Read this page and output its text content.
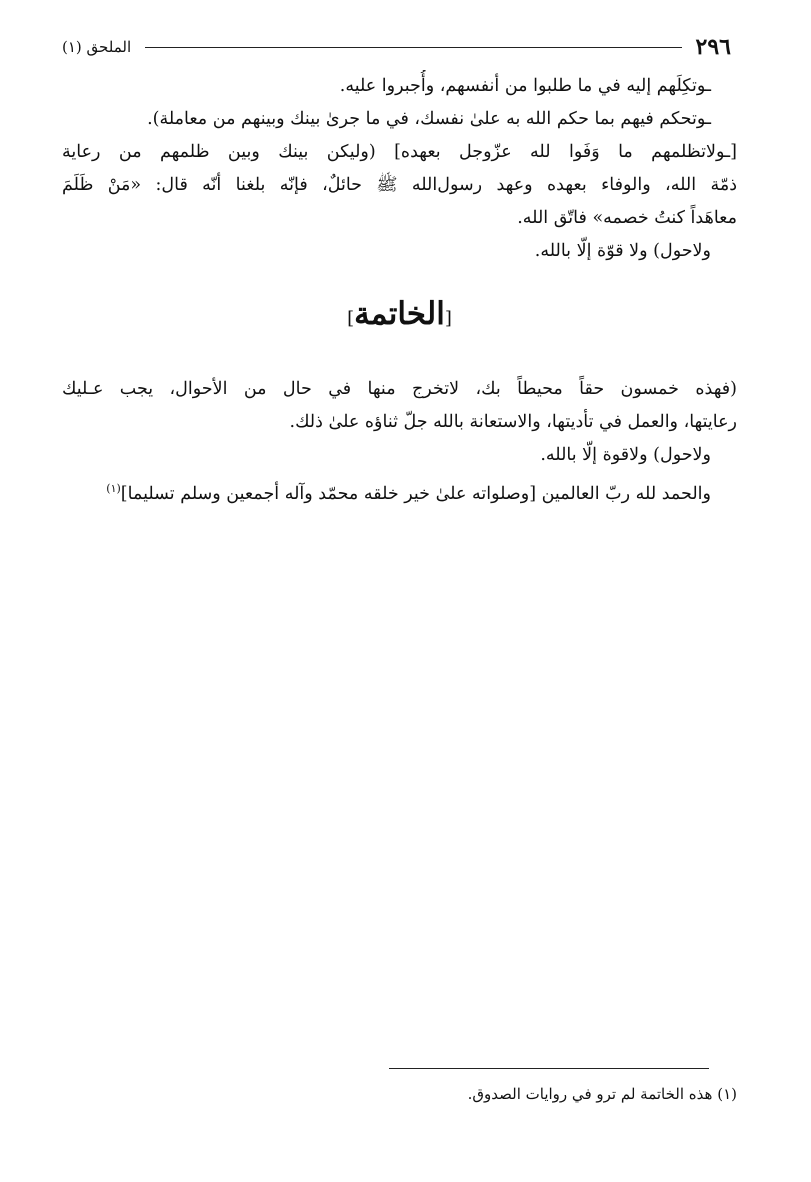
٢٩٦
الملحق (١)
ـوتكِلَهم إليه في ما طلبوا من أنفسهم، وأُجبروا عليه.
ـوتحكم فيهم بما حكم الله به علىٰ نفسك، في ما جرىٰ بينك وبينهم من معاملة).
[ـولاتظلمهم ما وَفَوا لله عزّوجل بعهده] (وليكن بينك وبين ظلمهم من رعاية
ذمّة الله، والوفاء بعهده وعهد رسول‌الله ﷺ حائلٌ، فإنّه بلغنا أنّه قال: «مَنْ ظَلَمَ
معاهَداً كنتُ خصمه» فاتّق الله.
ولاحول) ولا قوّة إلّا بالله.
[الخاتمة]
(فهذه خمسون حقاً محيطاً بك، لاتخرج منها في حال من الأحوال، يجب عـليك
رعايتها، والعمل في تأديتها، والاستعانة بالله جلّ ثناؤه علىٰ ذلك.
ولاحول) ولاقوة إلّا بالله.
والحمد لله ربّ العالمين [وصلواته علىٰ خير خلقه محمّد وآله أجمعين وسلم تسليما]$^{(١)}$
(١) هذه الخاتمة لم ترو في روايات الصدوق.
